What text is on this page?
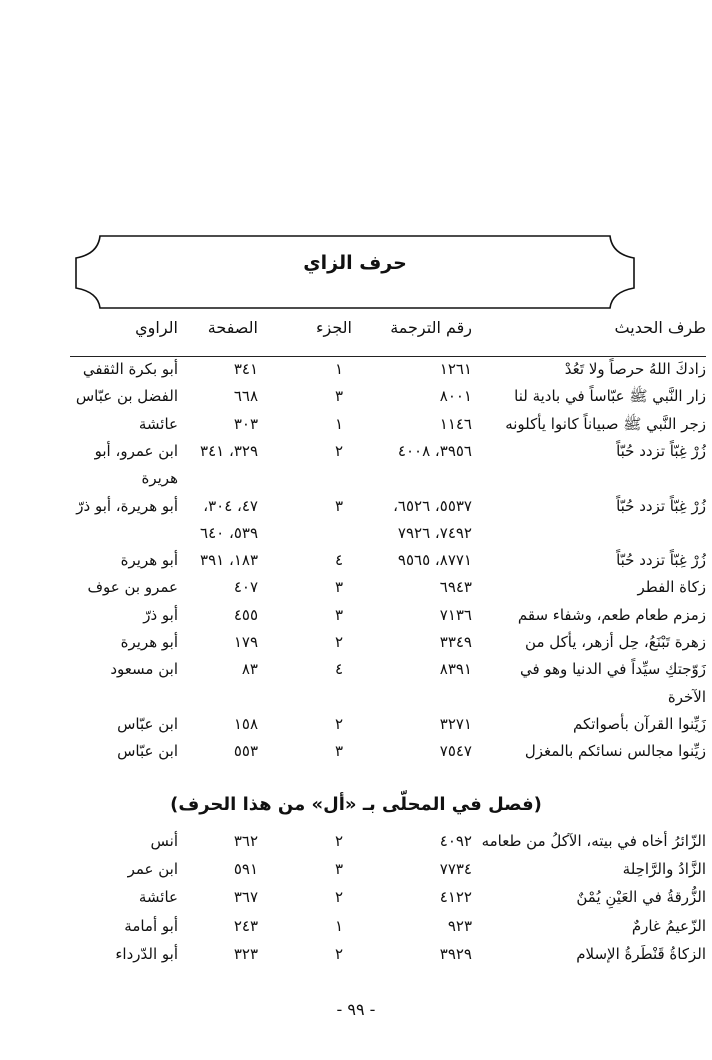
حرف الزاي
طرف الحديث
رقم الترجمة
الجزء
الصفحة
الراوي
زادكَ اللهُ حرصاً ولا تَعُدْ
١٢٦١
١
٣٤١
أبو بكرة الثقفي
زار النَّبي ﷺ عبّاساً في بادية لنا
٨٠٠١
٣
٦٦٨
الفضل بن عبّاس
زجر النَّبي ﷺ صبياناً كانوا يأكلونه
١١٤٦
١
٣٠٣
عائشة
زُرْ غِبّاً تزدد حُبّاً
٣٩٥٦، ٤٠٠٨
٢
٣٢٩، ٣٤١
ابن عمرو، أبو
هريرة
زُرْ غِبّاً تزدد حُبّاً
٥٥٣٧، ٦٥٢٦،
٣
٤٧، ٣٠٤،
أبو هريرة، أبو ذرّ
٧٤٩٢، ٧٩٢٦
٥٣٩، ٦٤٠
زُرْ غِبّاً تزدد حُبّاً
٨٧٧١، ٩٥٦٥
٤
١٨٣، ٣٩١
أبو هريرة
زكاة الفطر
٦٩٤٣
٣
٤٠٧
عمرو بن عوف
زمزم طعام طعم، وشفاء سقم
٧١٣٦
٣
٤٥٥
أبو ذرّ
زهرة تَبْنَعُ، حِل أزهر، يأكل من
٣٣٤٩
٢
١٧٩
أبو هريرة
زَوّجتكِ سيِّداً في الدنيا وهو في
٨٣٩١
٤
٨٣
ابن مسعود
الآخرة
زَيِّنوا القرآن بأصواتكم
٣٢٧١
٢
١٥٨
ابن عبّاس
زيِّنوا مجالس نسائكم بالمغزل
٧٥٤٧
٣
٥٥٣
ابن عبّاس
(فصل في المحلّى بـ «أل» من هذا الحرف)
الزّائرُ أخاه في بيته، الآكلُ من طعامه
٤٠٩٢
٢
٣٦٢
أنس
الزَّادُ والرَّاحِلة
٧٧٣٤
٣
٥٩١
ابن عمر
الزُّرقةُ في العَيْنِ يُمْنٌ
٤١٢٢
٢
٣٦٧
عائشة
الزّعيمُ غارمٌ
٩٢٣
١
٢٤٣
أبو أمامة
الزكاةُ قَنْطَرةُ الإسلام
٣٩٢٩
٢
٣٢٣
أبو الدّرداء
- ٩٩ -
